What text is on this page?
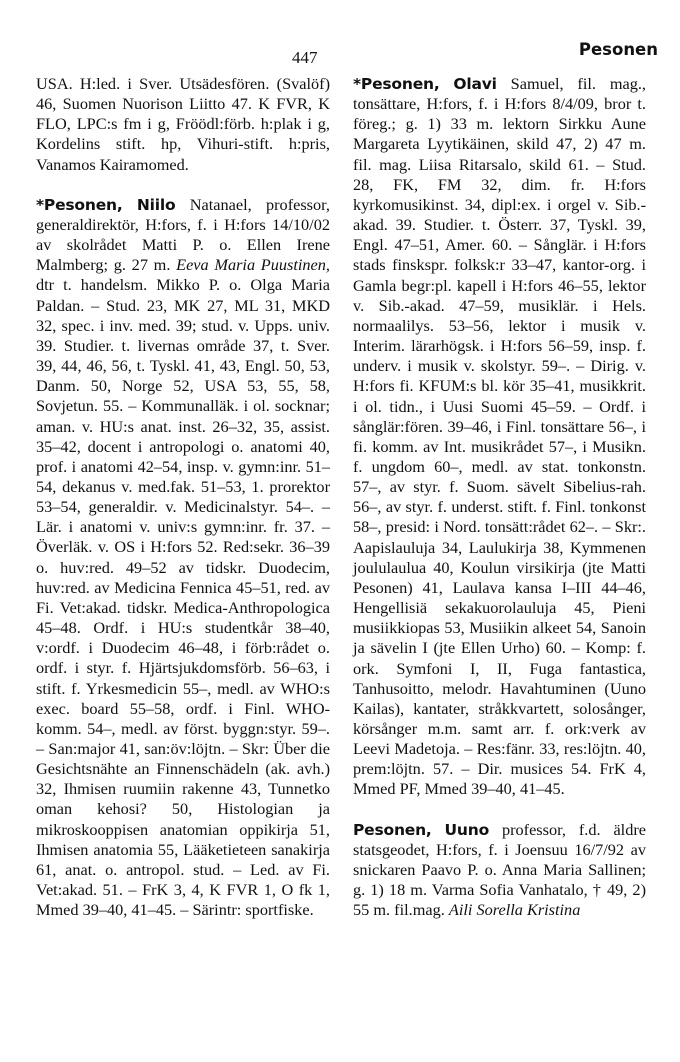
447	Pesonen
USA. H:led. i Sver. Utsädesfören. (Svalöf) 46, Suomen Nuorison Liitto 47. K FVR, K FLO, LPC:s fm i g, Fröödl:förb. h:plak i g, Kordelins stift. hp, Vihuri-stift. h:pris, Vanamos Kairamomed.
*Pesonen, Niilo Natanael, professor, generaldirektör, H:fors, f. i H:fors 14/10/02 av skolrådet Matti P. o. Ellen Irene Malmberg; g. 27 m. Eeva Maria Puustinen, dtr t. handelsm. Mikko P. o. Olga Maria Paldan. – Stud. 23, MK 27, ML 31, MKD 32, spec. i inv. med. 39; stud. v. Upps. univ. 39. Studier. t. livernas område 37, t. Sver. 39, 44, 46, 56, t. Tyskl. 41, 43, Engl. 50, 53, Danm. 50, Norge 52, USA 53, 55, 58, Sovjetun. 55. – Kommunalläk. i ol. socknar; aman. v. HU:s anat. inst. 26–32, 35, assist. 35–42, docent i antropologi o. anatomi 40, prof. i anatomi 42–54, insp. v. gymn:inr. 51–54, dekanus v. med.fak. 51–53, 1. prorektor 53–54, generaldir. v. Medicinalstyr. 54–. – Lär. i anatomi v. univ:s gymn:inr. fr. 37. – Överläk. v. OS i H:fors 52. Red:sekr. 36–39 o. huv:red. 49–52 av tidskr. Duodecim, huv:red. av Medicina Fennica 45–51, red. av Fi. Vet:akad. tidskr. Medica-Anthropologica 45–48. Ordf. i HU:s studentkår 38–40, v:ordf. i Duodecim 46–48, i förb:rådet o. ordf. i styr. f. Hjärtsjukdomsförb. 56–63, i stift. f. Yrkesmedicin 55–, medl. av WHO:s exec. board 55–58, ordf. i Finl. WHO-komm. 54–, medl. av först. byggn:styr. 59–. – San:major 41, san:öv:löjtn. – Skr: Über die Gesichtsnähte an Finnenschädeln (ak. avh.) 32, Ihmisen ruumiin rakenne 43, Tunnetko oman kehosi? 50, Histologian ja mikroskooppisen anatomian oppikirja 51, Ihmisen anatomia 55, Lääketieteen sanakirja 61, anat. o. antropol. stud. – Led. av Fi. Vet:akad. 51. – FrK 3, 4, K FVR 1, O fk 1, Mmed 39–40, 41–45. – Särintr: sportfiske.
*Pesonen, Olavi Samuel, fil. mag., tonsättare, H:fors, f. i H:fors 8/4/09, bror t. föreg.; g. 1) 33 m. lektorn Sirkku Aune Margareta Lyytikäinen, skild 47, 2) 47 m. fil. mag. Liisa Ritarsalo, skild 61. – Stud. 28, FK, FM 32, dim. fr. H:fors kyrkomusikinst. 34, dipl:ex. i orgel v. Sib.-akad. 39. Studier. t. Österr. 37, Tyskl. 39, Engl. 47–51, Amer. 60. – Sånglär. i H:fors stads finskspr. folksk:r 33–47, kantor-org. i Gamla begr:pl. kapell i H:fors 46–55, lektor v. Sib.-akad. 47–59, musiklär. i Hels. normaalilys. 53–56, lektor i musik v. Interim. lärarhögsk. i H:fors 56–59, insp. f. underv. i musik v. skolstyr. 59–. – Dirig. v. H:fors fi. KFUM:s bl. kör 35–41, musikkrit. i ol. tidn., i Uusi Suomi 45–59. – Ordf. i sånglär:fören. 39–46, i Finl. tonsättare 56–, i fi. komm. av Int. musikrådet 57–, i Musikn. f. ungdom 60–, medl. av stat. tonkonstn. 57–, av styr. f. Suom. sävelt Sibelius-rah. 56–, av styr. f. underst. stift. f. Finl. tonkonst 58–, presid: i Nord. tonsätt:rådet 62–. – Skr:. Aapislauluja 34, Laulukirja 38, Kymmenen joululaulua 40, Koulun virsikirja (jte Matti Pesonen) 41, Laulava kansa I–III 44–46, Hengellisiä sekakuorolauluja 45, Pieni musiikkiopas 53, Musiikin alkeet 54, Sanoin ja sävelin I (jte Ellen Urho) 60. – Komp: f. ork. Symfoni I, II, Fuga fantastica, Tanhusoitto, melodr. Havahtuminen (Uuno Kailas), kantater, stråkkvartett, solosånger, körsånger m.m. samt arr. f. ork:verk av Leevi Madetoja. – Res:fänr. 33, res:löjtn. 40, prem:löjtn. 57. – Dir. musices 54. FrK 4, Mmed PF, Mmed 39–40, 41–45.
Pesonen, Uuno professor, f.d. äldre statsgeodet, H:fors, f. i Joensuu 16/7/92 av snickaren Paavo P. o. Anna Maria Sallinen; g. 1) 18 m. Varma Sofia Vanhatalo, † 49, 2) 55 m. fil.mag. Aili Sorella Kristina
